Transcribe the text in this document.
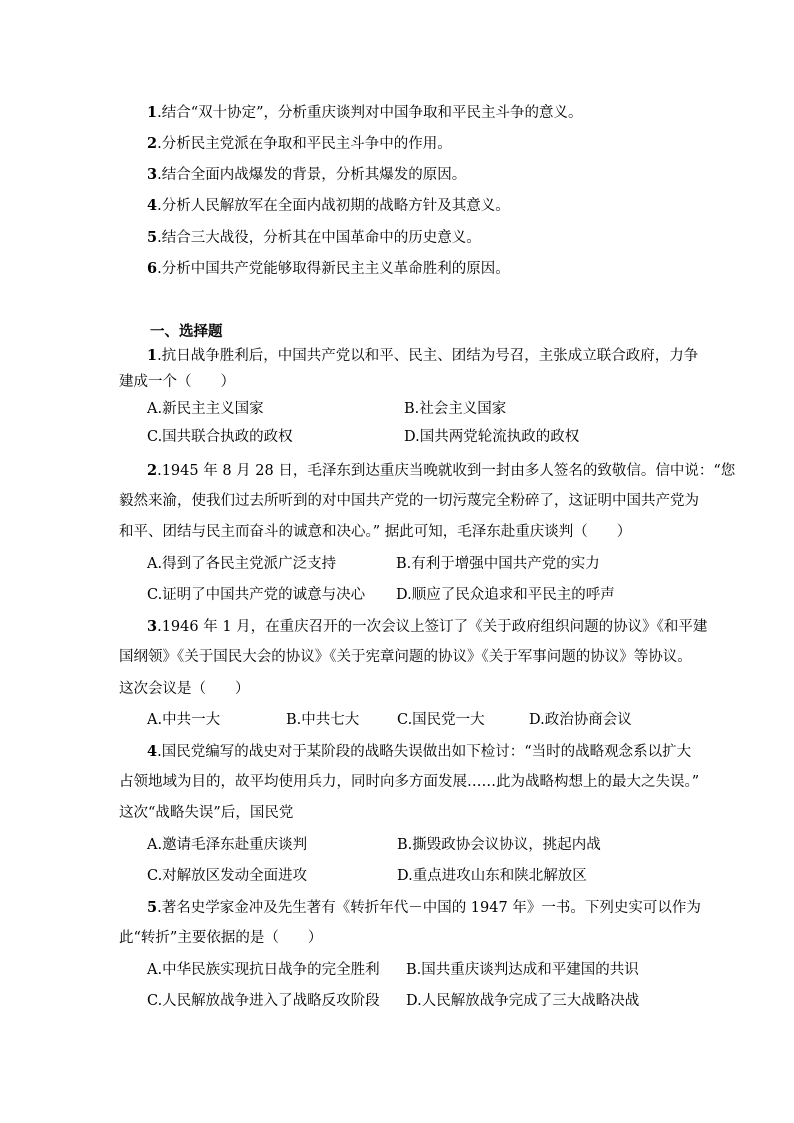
1.结合“双十协定”，分析重庆谈判对中国争取和平民主斗争的意义。
2.分析民主党派在争取和平民主斗争中的作用。
3.结合全面内战爆发的背景，分析其爆发的原因。
4.分析人民解放军在全面内战初期的战略方针及其意义。
5.结合三大战役，分析其在中国革命中的历史意义。
6.分析中国共产党能够取得新民主主义革命胜利的原因。
一、选择题
1.抗日战争胜利后，中国共产党以和平、民主、团结为号召，主张成立联合政府，力争
建成一个（　　）
A.新民主主义国家	B.社会主义国家
C.国共联合执政的政权	D.国共两党轮流执政的政权
2.1945 年 8 月 28 日，毛泽东到达重庆当晚就收到一封由多人签名的致敬信。信中说：“您
毅然来渝，使我们过去所听到的对中国共产党的一切污蔑完全粉碎了，这证明中国共产党为
和平、团结与民主而奋斗的诚意和决心。” 据此可知，毛泽东赴重庆谈判（　　）
A.得到了各民主党派广泛支持	B.有利于增强中国共产党的实力
C.证明了中国共产党的诚意与决心 D.顺应了民众追求和平民主的呼声
3.1946 年 1 月，在重庆召开的一次会议上签订了《关于政府组织问题的协议》《和平建
国纲领》《关于国民大会的协议》《关于宪章问题的协议》《关于军事问题的协议》等协议。
这次会议是（　　）
A.中共一大	B.中共七大	C.国民党一大	D.政治协商会议
4.国民党编写的战史对于某阶段的战略失误做出如下检讨：“当时的战略观念系以扩大
占领地域为目的，故平均使用兵力，同时向多方面发展……此为战略构想上的最大之失误。”
这次“战略失误”后，国民党
A.邀请毛泽东赴重庆谈判	B.撕毁政协会议协议，挑起内战
C.对解放区发动全面进攻	D.重点进攻山东和陕北解放区
5.著名史学家金冲及先生著有《转折年代－中国的 1947 年》一书。下列史实可以作为
此“转折”主要依据的是（　　）
A.中华民族实现抗日战争的完全胜利 B.国共重庆谈判达成和平建国的共识
C.人民解放战争进入了战略反攻阶段 D.人民解放战争完成了三大战略决战
